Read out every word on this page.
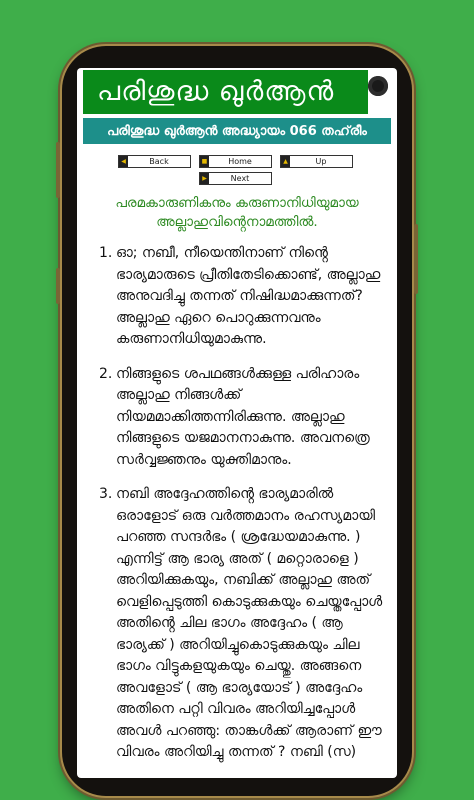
പരിശുദ്ധ ഖുർആൻ
പരിശുദ്ധ ഖുർആൻ അദ്ധ്യായം 066 തഹ്‌രീം
◀	Back	■	Home	▲	Up
▶	Next
പരമകാരുണികനും കരുണാനിധിയുമായ അല്ലാഹുവിൻ്റെനാമത്തിൽ.
1. ഓ; നബീ, നീയെന്തിനാണ് നിൻ്റെ ഭാര്യമാരുടെ പ്രീതിതേടിക്കൊണ്ട്, അല്ലാഹു അനുവദിച്ചു തന്നത് നിഷിദ്ധമാക്കുന്നത്? അല്ലാഹു ഏറെ പൊറുക്കുന്നവനും കരുണാനിധിയുമാകുന്നു.
2. നിങ്ങളുടെ ശപഥങ്ങൾക്കുള്ള പരിഹാരം അല്ലാഹു നിങ്ങൾക്ക് നിയമമാക്കിത്തന്നിരിക്കുന്നു. അല്ലാഹു നിങ്ങളുടെ യജമാനനാകുന്നു. അവനത്രെ സർവ്വജ്ഞനും യുക്തിമാനും.
3. നബി അദ്ദേഹത്തിൻ്റെ ഭാര്യമാരിൽ ഒരാളോട് ഒരു വർത്തമാനം രഹസ്യമായി പറഞ്ഞ സന്ദർഭം ( ശ്രദ്ധേയമാകുന്നു. ) എന്നിട്ട് ആ ഭാര്യ അത് ( മറ്റൊരാളെ ) അറിയിക്കുകയും, നബിക്ക് അല്ലാഹു അത് വെളിപ്പെടുത്തി കൊടുക്കുകയും ചെയ്തപ്പോൾ അതിൻ്റെ ചില ഭാഗം അദ്ദേഹം ( ആ ഭാര്യക്ക് ) അറിയിച്ചുകൊടുക്കുകയും ചില ഭാഗം വിട്ടുകളയുകയും ചെയ്തു. അങ്ങനെ അവളോട് ( ആ ഭാര്യയോട് ) അദ്ദേഹം അതിനെ പറ്റി വിവരം അറിയിച്ചപ്പോൾ അവൾ പറഞ്ഞു: താങ്കൾക്ക് ആരാണ് ഈ വിവരം അറിയിച്ചു തന്നത് ? നബി (സ)
